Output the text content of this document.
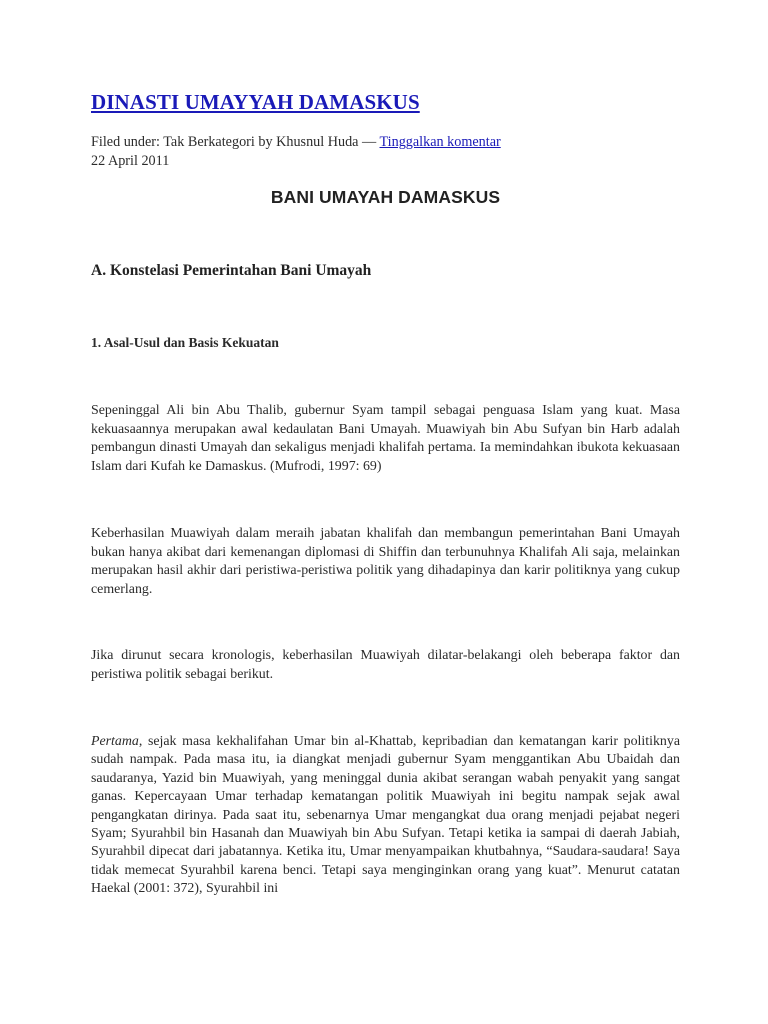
DINASTI UMAYYAH DAMASKUS
Filed under: Tak Berkategori by Khusnul Huda — Tinggalkan komentar
22 April 2011
BANI UMAYAH DAMASKUS
A. Konstelasi Pemerintahan Bani Umayah
1. Asal-Usul dan Basis Kekuatan

Sepeninggal Ali bin Abu Thalib, gubernur Syam tampil sebagai penguasa Islam yang kuat. Masa kekuasaannya merupakan awal kedaulatan Bani Umayah. Muawiyah bin Abu Sufyan bin Harb adalah pembangun dinasti Umayah dan sekaligus menjadi khalifah pertama. Ia memindahkan ibukota kekuasaan Islam dari Kufah ke Damaskus. (Mufrodi, 1997: 69)

Keberhasilan Muawiyah dalam meraih jabatan khalifah dan membangun pemerintahan Bani Umayah bukan hanya akibat dari kemenangan diplomasi di Shiffin dan terbunuhnya Khalifah Ali saja, melainkan merupakan hasil akhir dari peristiwa-peristiwa politik yang dihadapinya dan karir politiknya yang cukup cemerlang.

Jika dirunut secara kronologis, keberhasilan Muawiyah dilatar-belakangi oleh beberapa faktor dan peristiwa politik sebagai berikut.

Pertama, sejak masa kekhalifahan Umar bin al-Khattab, kepribadian dan kematangan karir politiknya sudah nampak. Pada masa itu, ia diangkat menjadi gubernur Syam menggantikan Abu Ubaidah dan saudaranya, Yazid bin Muawiyah, yang meninggal dunia akibat serangan wabah penyakit yang sangat ganas. Kepercayaan Umar terhadap kematangan politik Muawiyah ini begitu nampak sejak awal pengangkatan dirinya. Pada saat itu, sebenarnya Umar mengangkat dua orang menjadi pejabat negeri Syam; Syurahbil bin Hasanah dan Muawiyah bin Abu Sufyan. Tetapi ketika ia sampai di daerah Jabiah, Syurahbil dipecat dari jabatannya. Ketika itu, Umar menyampaikan khutbahnya, “Saudara-saudara! Saya tidak memecat Syurahbil karena benci. Tetapi saya menginginkan orang yang kuat”. Menurut catatan Haekal (2001: 372), Syurahbil ini
